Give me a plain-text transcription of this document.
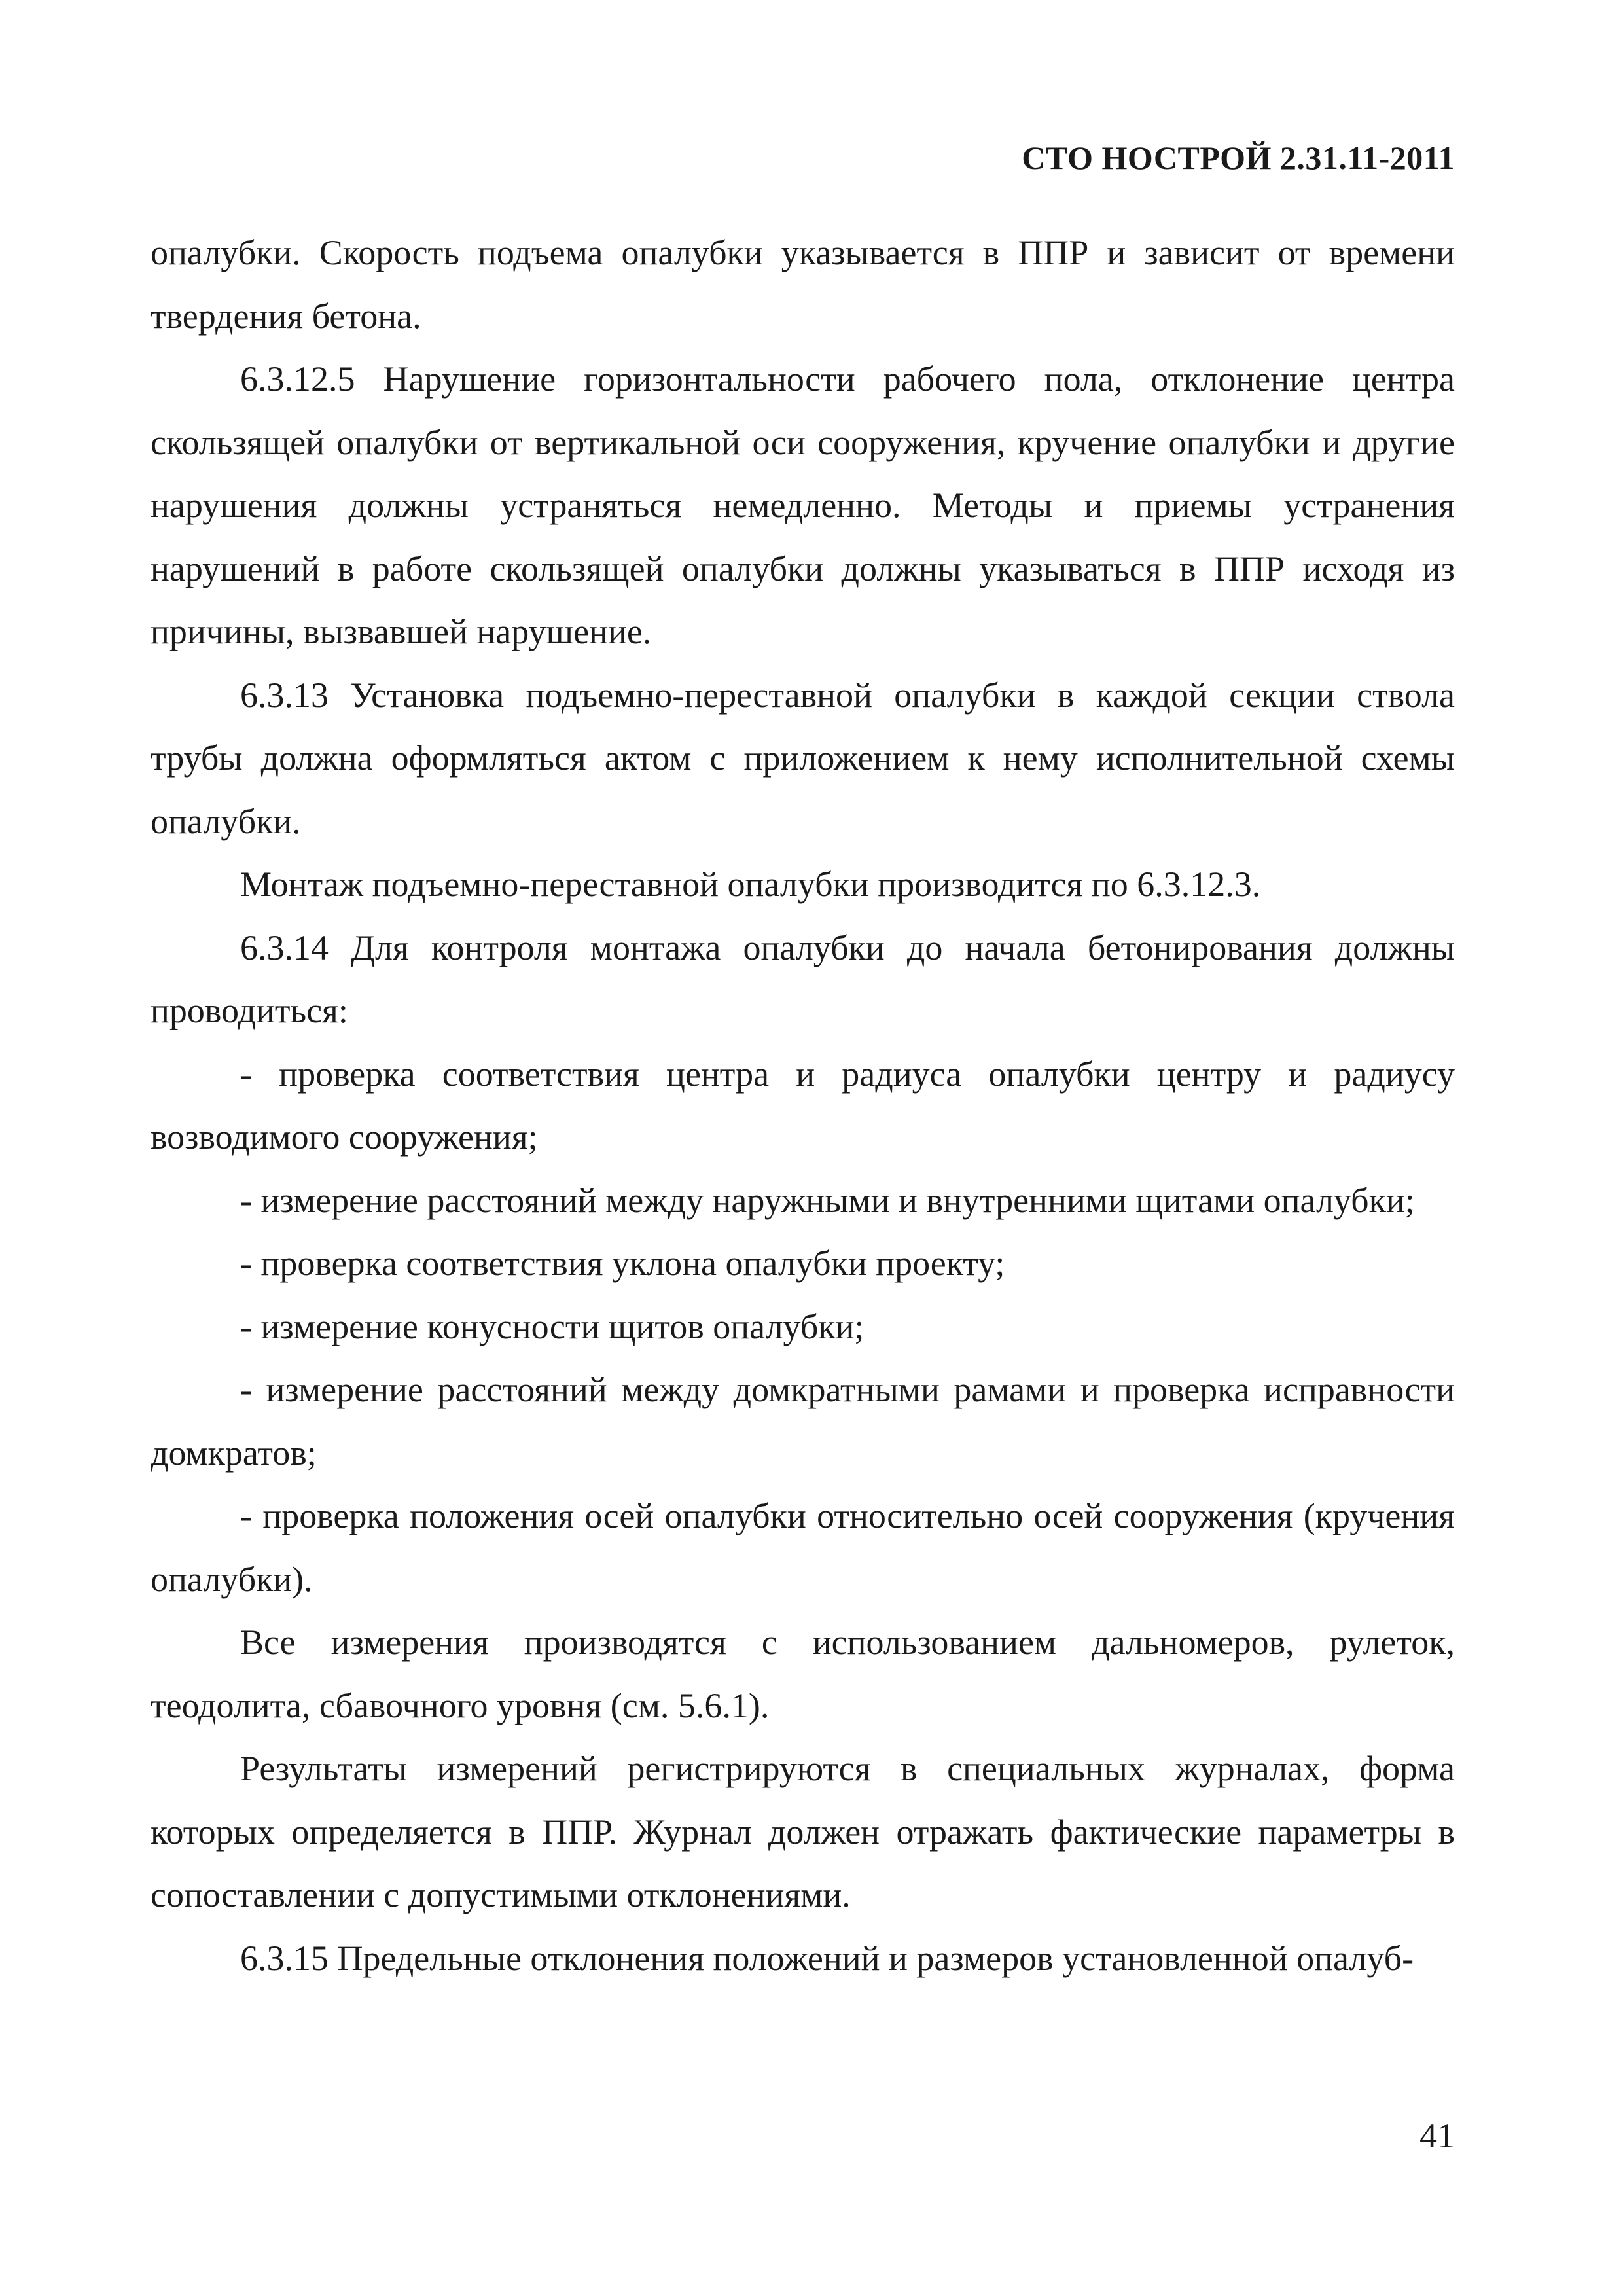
СТО НОСТРОЙ 2.31.11-2011

опалубки. Скорость подъема опалубки указывается в ППР и зависит от времени твердения бетона.

6.3.12.5 Нарушение горизонтальности рабочего пола, отклонение центра скользящей опалубки от вертикальной оси сооружения, кручение опалубки и другие нарушения должны устраняться немедленно. Методы и приемы устранения нарушений в работе скользящей опалубки должны указываться в ППР исходя из причины, вызвавшей нарушение.

6.3.13 Установка подъемно-переставной опалубки в каждой секции ствола трубы должна оформляться актом с приложением к нему исполнительной схемы опалубки.

Монтаж подъемно-переставной опалубки производится по 6.3.12.3.

6.3.14 Для контроля монтажа опалубки до начала бетонирования должны проводиться:

- проверка соответствия центра и радиуса опалубки центру и радиусу возводимого сооружения;

- измерение расстояний между наружными и внутренними щитами опалубки;

- проверка соответствия уклона опалубки проекту;

- измерение конусности щитов опалубки;

- измерение расстояний между домкратными рамами и проверка исправности домкратов;

- проверка положения осей опалубки относительно осей сооружения (кручения опалубки).

Все измерения производятся с использованием дальномеров, рулеток, теодолита, сбавочного уровня (см. 5.6.1).

Результаты измерений регистрируются в специальных журналах, форма которых определяется в ППР. Журнал должен отражать фактические параметры в сопоставлении с допустимыми отклонениями.

6.3.15 Предельные отклонения положений и размеров установленной опалуб-

41
